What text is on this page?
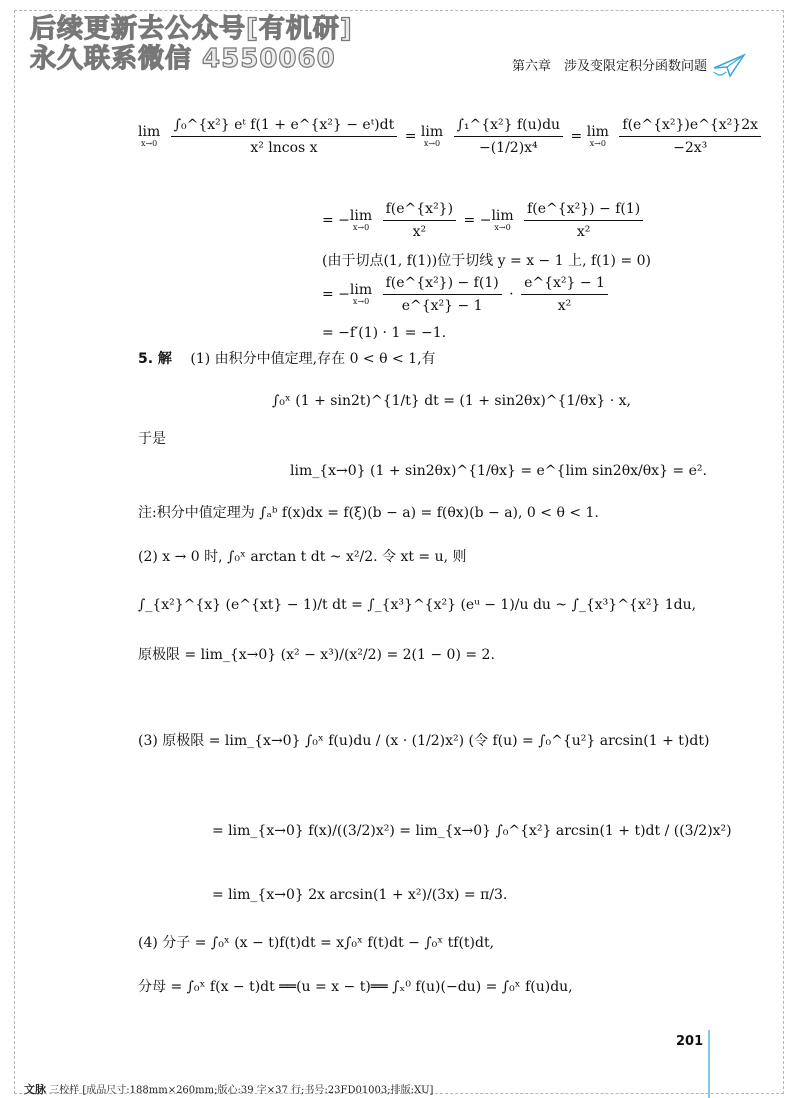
后续更新去公众号[有机研]
永久联系微信 4550060	第六章　涉及变限定积分函数问题
lim
x→0
$\frac{\text{∫₀\textasciicircum{}\{x²\} eᵗ f(1 + e\textasciicircum{}\{x²\} − eᵗ)dt}}{\text{x² lncos x}} = \lim$
x→0
$\frac{\text{∫₁\textasciicircum{}\{x²\} f(u)du}}{\text{−(1/2)x⁴}} = \lim$
x→0
$\frac{\text{f(e\textasciicircum{}\{x²\})e\textasciicircum{}\{x²\}2x}}{\text{−2x³}}$
= − lim
x→0
$\frac{\text{f(e\textasciicircum{}\{x²\})}}{\text{x²}}$ = − lim
x→0
$\frac{\text{f(e\textasciicircum{}\{x²\}) − f(1)}}{\text{x²}}$
(由于切点(1, f(1))位于切线 y = x − 1 上, f(1) = 0)
= − lim
x→0
$\frac{\text{f(e\textasciicircum{}\{x²\}) − f(1)}}{\text{e\textasciicircum{}\{x²\} − 1}} \cdot \frac{\text{e\textasciicircum{}\{x²\} − 1}}{\text{x²}}$
= −f′(1) · 1 = −1.
5. 解 (1) 由积分中值定理,存在 0 < θ < 1,有
∫₀ˣ (1 + sin2t)^{1/t} dt = (1 + sin2θx)^{1/θx} · x,
于是
lim_{x→0} (1 + sin2θx)^{1/θx} = e^{lim sin2θx/θx} = e².
注:积分中值定理为 ∫ₐᵇ f(x)dx = f(ξ)(b − a) = f(θx)(b − a), 0 < θ < 1.
(2) x → 0 时, ∫₀ˣ arctan t dt ~ x²/2. 令 xt = u, 则
∫_{x²}^{x} (e^{xt} − 1)/t dt = ∫_{x³}^{x²} (eᵘ − 1)/u du ~ ∫_{x³}^{x²} 1du,
原极限 = lim_{x→0} (x² − x³)/(x²/2) = 2(1 − 0) = 2.
(3) 原极限 = lim_{x→0} ∫₀ˣ f(u)du / (x · (1/2)x²) (令 f(u) = ∫₀^{u²} arcsin(1 + t)dt)
= lim_{x→0} f(x)/((3/2)x²) = lim_{x→0} ∫₀^{x²} arcsin(1 + t)dt / ((3/2)x²)
= lim_{x→0} 2x arcsin(1 + x²)/(3x) = π/3.
(4) 分子 = ∫₀ˣ (x − t)f(t)dt = x∫₀ˣ f(t)dt − ∫₀ˣ tf(t)dt,
分母 = ∫₀ˣ f(x − t)dt ══(u = x − t)══ ∫ₓ⁰ f(u)(−du) = ∫₀ˣ f(u)du,
201
文脉 三校样 [成品尺寸:188mm×260mm;版心:39 字×37 行;书号:23FD01003;排版:XU]
